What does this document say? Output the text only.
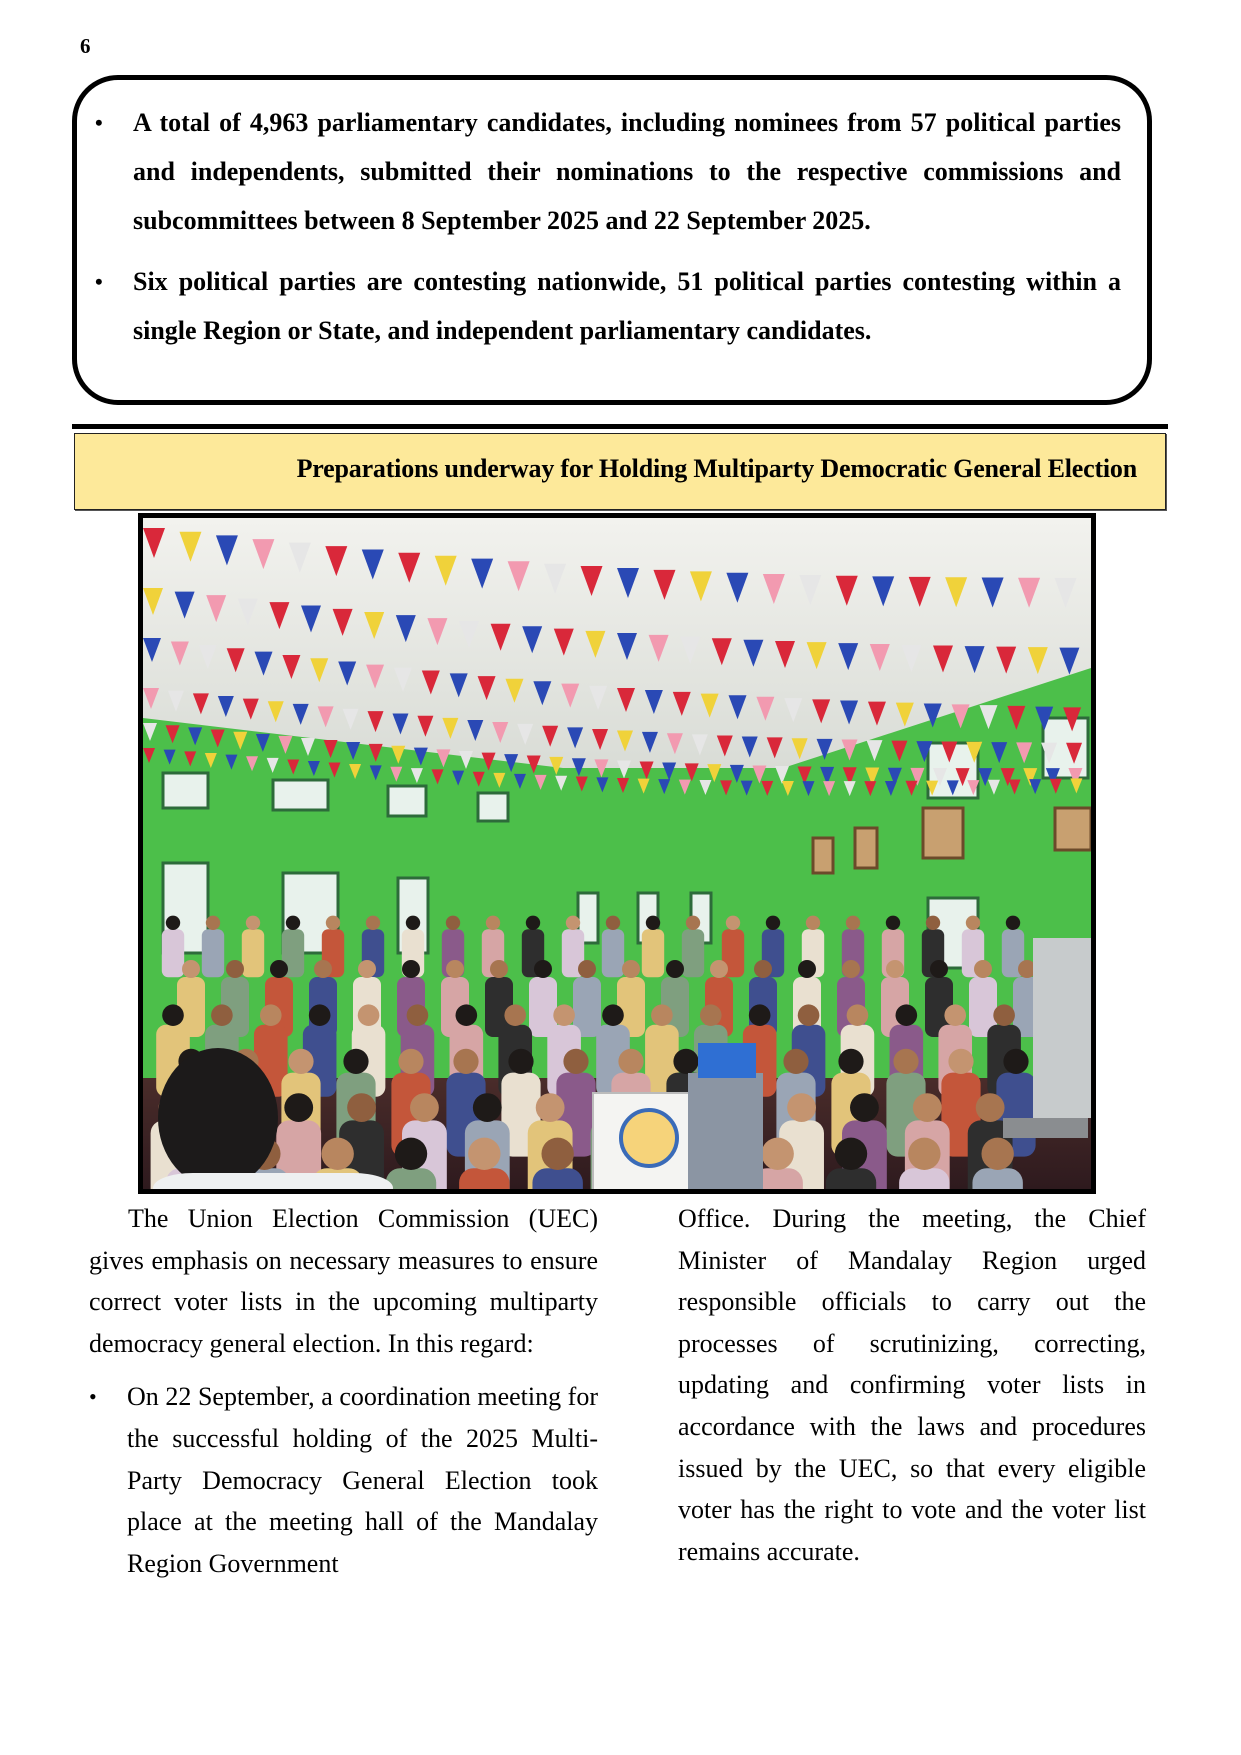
6
• A total of 4,963 parliamentary candidates, including nominees from 57 political parties and independents, submitted their nominations to the respective commissions and subcommittees between 8 September 2025 and 22 September 2025.
• Six political parties are contesting nationwide, 51 political parties contesting within a single Region or State, and independent parliamentary candidates.
Preparations underway for Holding Multiparty Democratic General Election

The Union Election Commission (UEC) gives emphasis on necessary measures to ensure correct voter lists in the upcoming multiparty democracy general election. In this regard:

• On 22 September, a coordination meeting for the successful holding of the 2025 Multi-Party Democracy General Election took place at the meeting hall of the Mandalay Region Government

Office. During the meeting, the Chief Minister of Mandalay Region urged responsible officials to carry out the processes of scrutinizing, correcting, updating and confirming voter lists in accordance with the laws and procedures issued by the UEC, so that every eligible voter has the right to vote and the voter list remains accurate.
